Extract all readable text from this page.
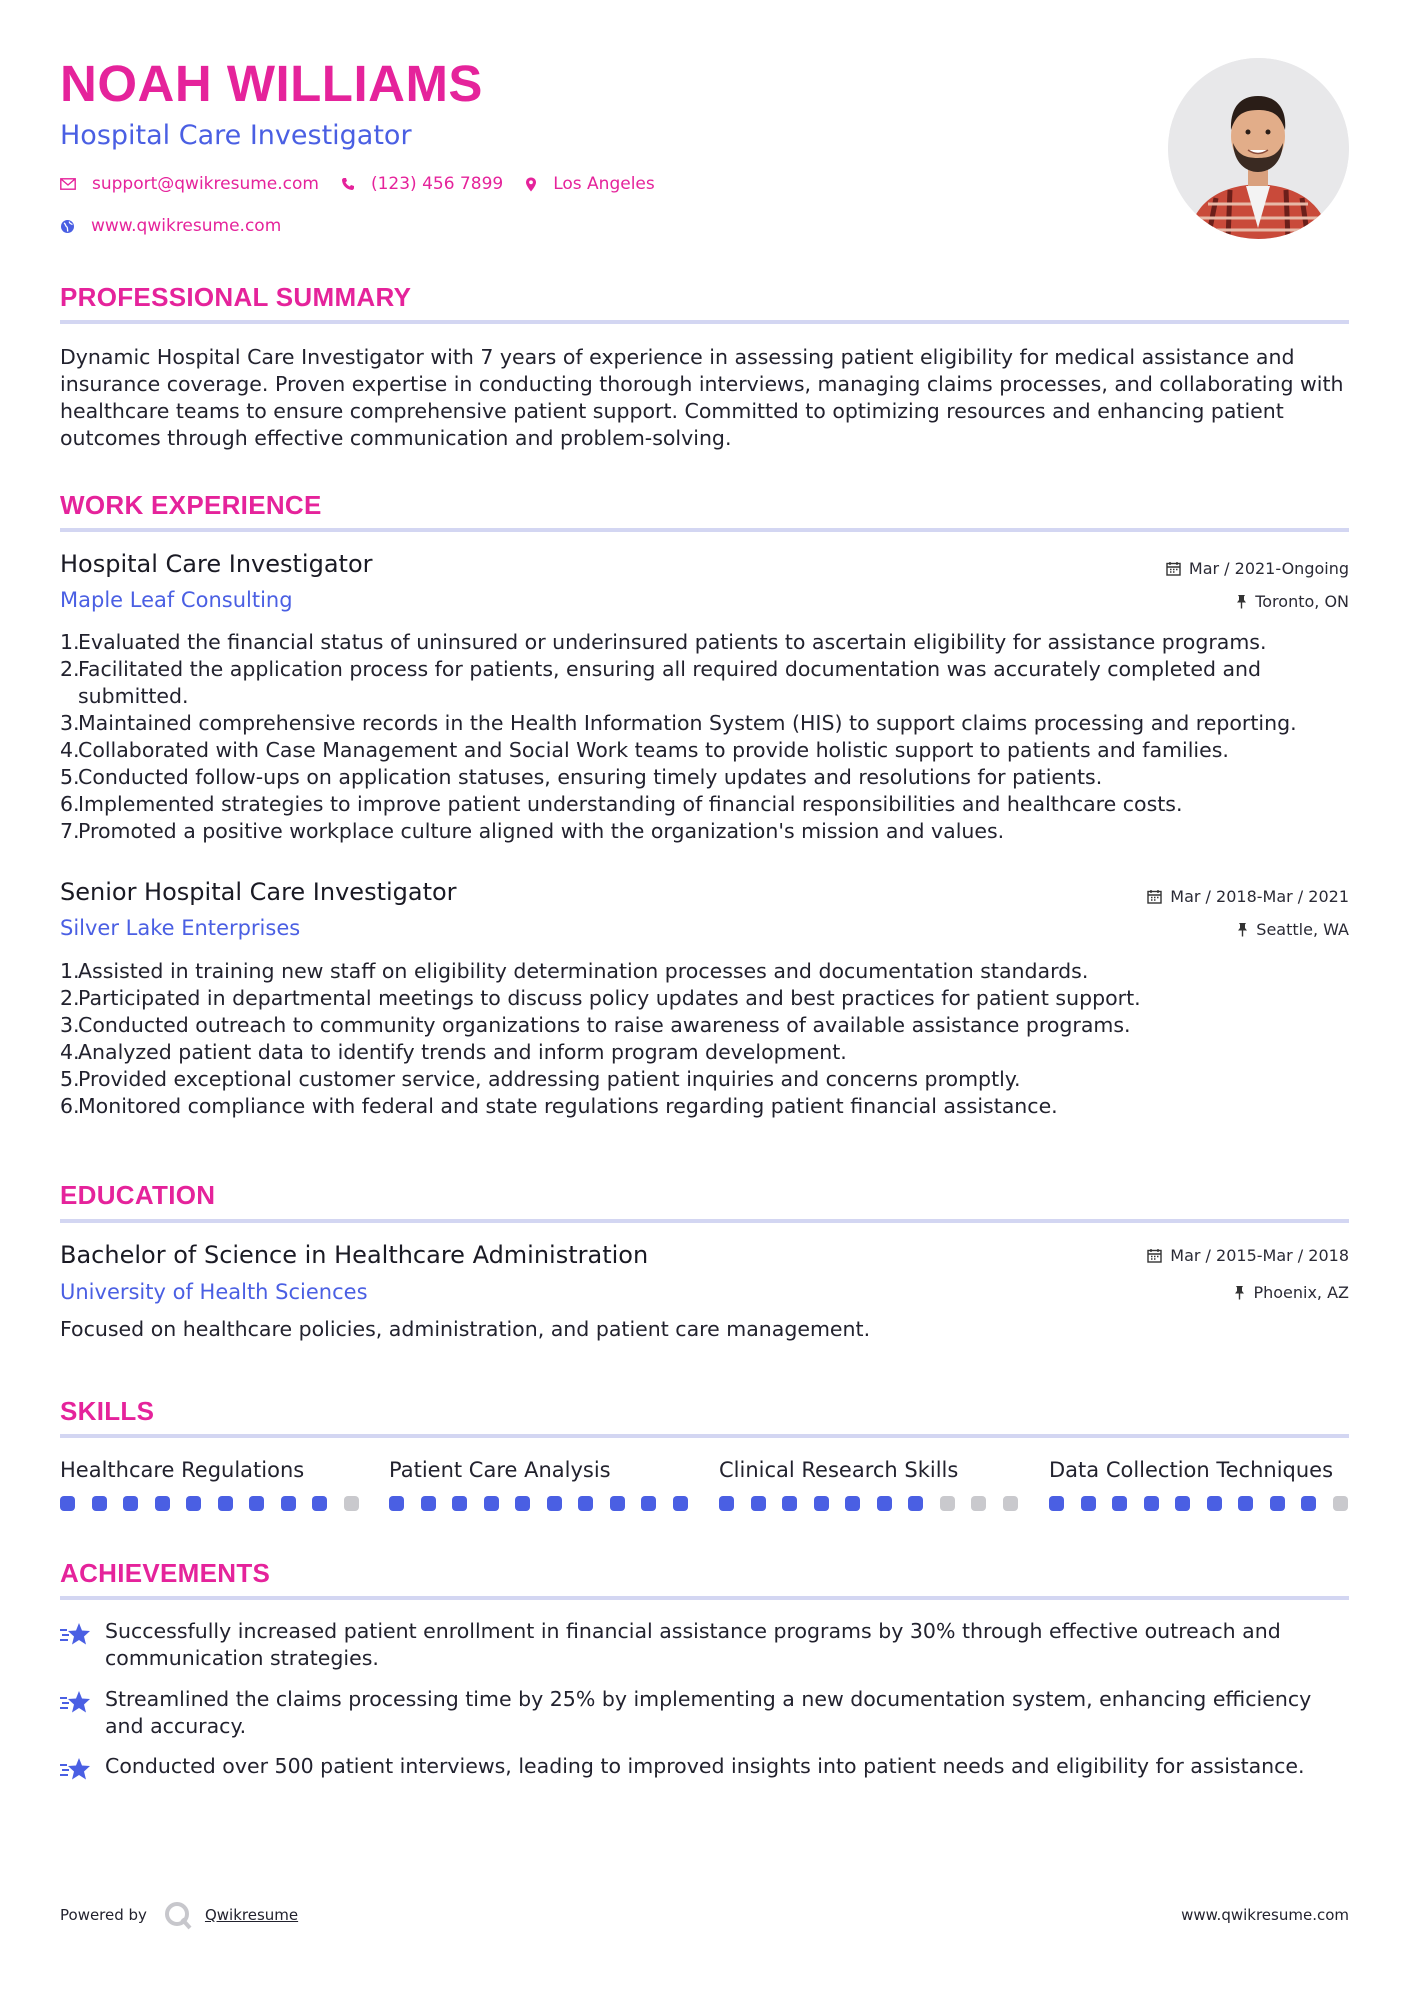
NOAH WILLIAMS
Hospital Care Investigator
support@qwikresume.com	(123) 456 7899	Los Angeles
www.qwikresume.com
PROFESSIONAL SUMMARY
Dynamic Hospital Care Investigator with 7 years of experience in assessing patient eligibility for medical assistance and insurance coverage. Proven expertise in conducting thorough interviews, managing claims processes, and collaborating with healthcare teams to ensure comprehensive patient support. Committed to optimizing resources and enhancing patient outcomes through effective communication and problem-solving.
WORK EXPERIENCE
Hospital Care Investigator	Mar / 2021-Ongoing
Maple Leaf Consulting	Toronto, ON
1.
Evaluated the financial status of uninsured or underinsured patients to ascertain eligibility for assistance programs.
2.
Facilitated the application process for patients, ensuring all required documentation was accurately completed and submitted.
3.
Maintained comprehensive records in the Health Information System (HIS) to support claims processing and reporting.
4.
Collaborated with Case Management and Social Work teams to provide holistic support to patients and families.
5.
Conducted follow-ups on application statuses, ensuring timely updates and resolutions for patients.
6.
Implemented strategies to improve patient understanding of financial responsibilities and healthcare costs.
7.
Promoted a positive workplace culture aligned with the organization's mission and values.
Senior Hospital Care Investigator	Mar / 2018-Mar / 2021
Silver Lake Enterprises	Seattle, WA
1.
Assisted in training new staff on eligibility determination processes and documentation standards.
2.
Participated in departmental meetings to discuss policy updates and best practices for patient support.
3.
Conducted outreach to community organizations to raise awareness of available assistance programs.
4.
Analyzed patient data to identify trends and inform program development.
5.
Provided exceptional customer service, addressing patient inquiries and concerns promptly.
6.
Monitored compliance with federal and state regulations regarding patient financial assistance.
EDUCATION
Bachelor of Science in Healthcare Administration	Mar / 2015-Mar / 2018
University of Health Sciences	Phoenix, AZ
Focused on healthcare policies, administration, and patient care management.
SKILLS
Healthcare Regulations	Patient Care Analysis	Clinical Research Skills	Data Collection Techniques
ACHIEVEMENTS
Successfully increased patient enrollment in financial assistance programs by 30% through effective outreach and communication strategies.
Streamlined the claims processing time by 25% by implementing a new documentation system, enhancing efficiency and accuracy.
Conducted over 500 patient interviews, leading to improved insights into patient needs and eligibility for assistance.
Powered by	Qwikresume	www.qwikresume.com
